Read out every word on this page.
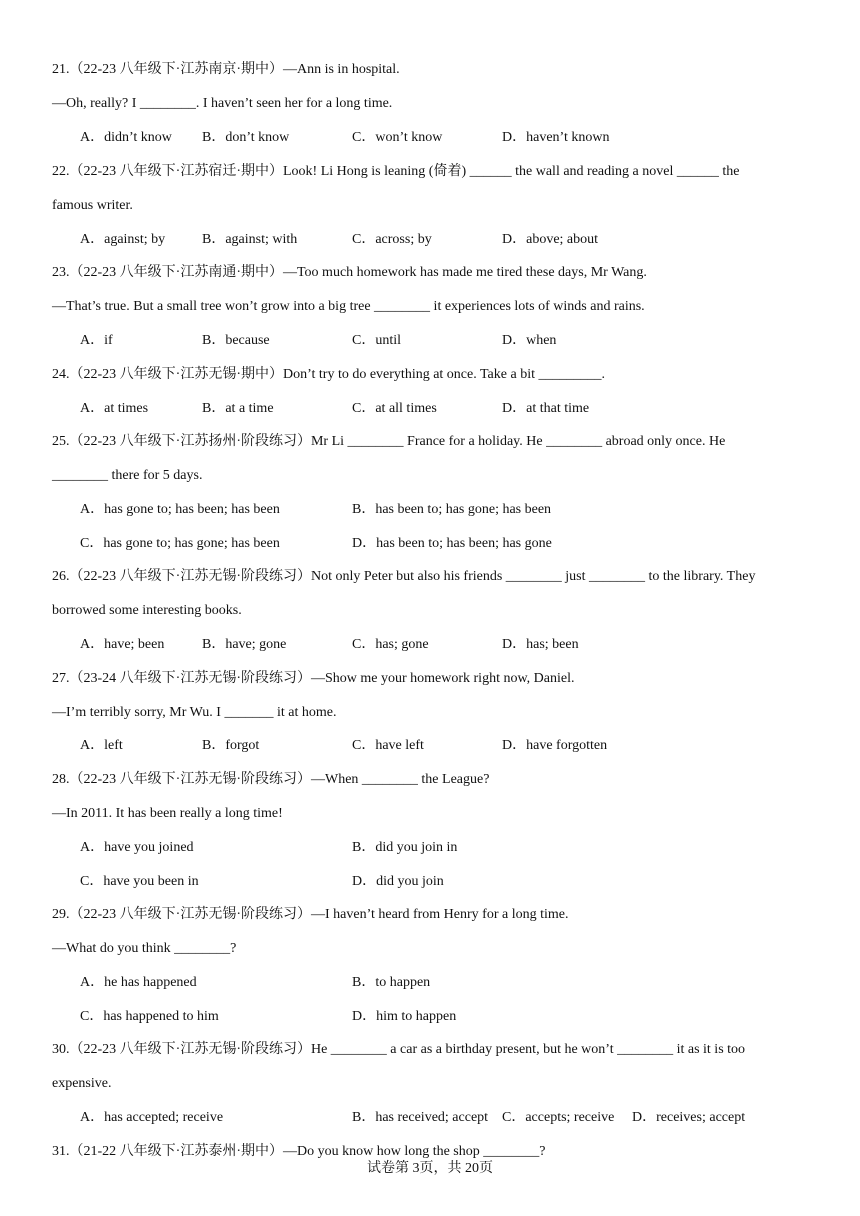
21.（22-23 八年级下·江苏南京·期中）—Ann is in hospital.
—Oh, really? I ________. I haven’t seen her for a long time.
A．didn’t know B．don’t know	C．won’t know	D．haven’t known
22.（22-23 八年级下·江苏宿迁·期中）Look! Li Hong is leaning (倚着) ______ the wall and reading a novel ______ the
famous writer.
A．against; by	B．against; with	C．across; by	D．above; about
23.（22-23 八年级下·江苏南通·期中）—Too much homework has made me tired these days, Mr Wang.
—That’s true. But a small tree won’t grow into a big tree ________ it experiences lots of winds and rains.
A．if	B．because	C．until	D．when
24.（22-23 八年级下·江苏无锡·期中）Don’t try to do everything at once. Take a bit _________.
A．at times	B．at a time	C．at all times	D．at that time
25.（22-23 八年级下·江苏扬州·阶段练习）Mr Li ________ France for a holiday. He ________ abroad only once. He
________ there for 5 days.
A．has gone to; has been; has been	B．has been to; has gone; has been
C．has gone to; has gone; has been	D．has been to; has been; has gone
26.（22-23 八年级下·江苏无锡·阶段练习）Not only Peter but also his friends ________ just ________ to the library. They
borrowed some interesting books.
A．have; been	B．have; gone	C．has; gone	D．has; been
27.（23-24 八年级下·江苏无锡·阶段练习）—Show me your homework right now, Daniel.
—I’m terribly sorry, Mr Wu. I _______ it at home.
A．left	B．forgot	C．have left	D．have forgotten
28.（22-23 八年级下·江苏无锡·阶段练习）—When ________ the League?
—In 2011. It has been really a long time!
A．have you joined	B．did you join in
C．have you been in	D．did you join
29.（22-23 八年级下·江苏无锡·阶段练习）—I haven’t heard from Henry for a long time.
—What do you think ________?
A．he has happened	B．to happen
C．has happened to him	D．him to happen
30.（22-23 八年级下·江苏无锡·阶段练习）He ________ a car as a birthday present, but he won’t ________ it as it is too
expensive.
A．has accepted; receive	B．has received; accept C．accepts; receive D．receives; accept
31.（21-22 八年级下·江苏泰州·期中）—Do you know how long the shop ________?
试卷第 3页，共 20页
